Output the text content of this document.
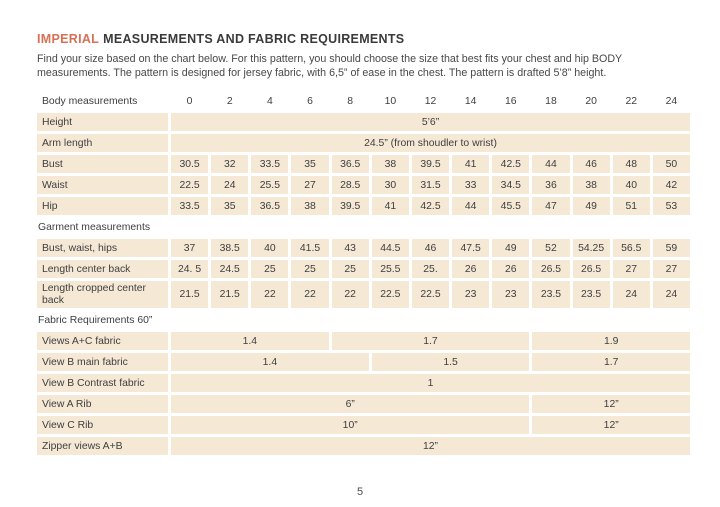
IMPERIAL MEASUREMENTS AND FABRIC REQUIREMENTS

Find your size based on the chart below. For this pattern, you should choose the size that best fits your chest and hip BODY
measurements. The pattern is designed for jersey fabric, with 6,5” of ease in the chest. The pattern is drafted 5’8” height.

Body measurements	0	2	4	6	8	10	12	14	16	18	20	22	24
Height	5’6”
Arm length	24.5” (from shoudler to wrist)
Bust	30.5	32	33.5	35	36.5	38	39.5	41	42.5	44	46	48	50
Waist	22.5	24	25.5	27	28.5	30	31.5	33	34.5	36	38	40	42
Hip	33.5	35	36.5	38	39.5	41	42.5	44	45.5	47	49	51	53
Garment measurements
Bust, waist, hips	37	38.5	40	41.5	43	44.5	46	47.5	49	52	54.25	56.5	59
Length center back	24. 5	24.5	25	25	25	25.5	25.	26	26	26.5	26.5	27	27
Length cropped center back	21.5	21.5	22	22	22	22.5	22.5	23	23	23.5	23.5	24	24
Fabric Requirements 60”
Views A+C fabric	1.4	1.7	1.9
View B main fabric	1.4	1.5	1.7
View B Contrast fabric	1
View A Rib	6”	12”
View C Rib	10”	12”
Zipper views A+B	12”
5
